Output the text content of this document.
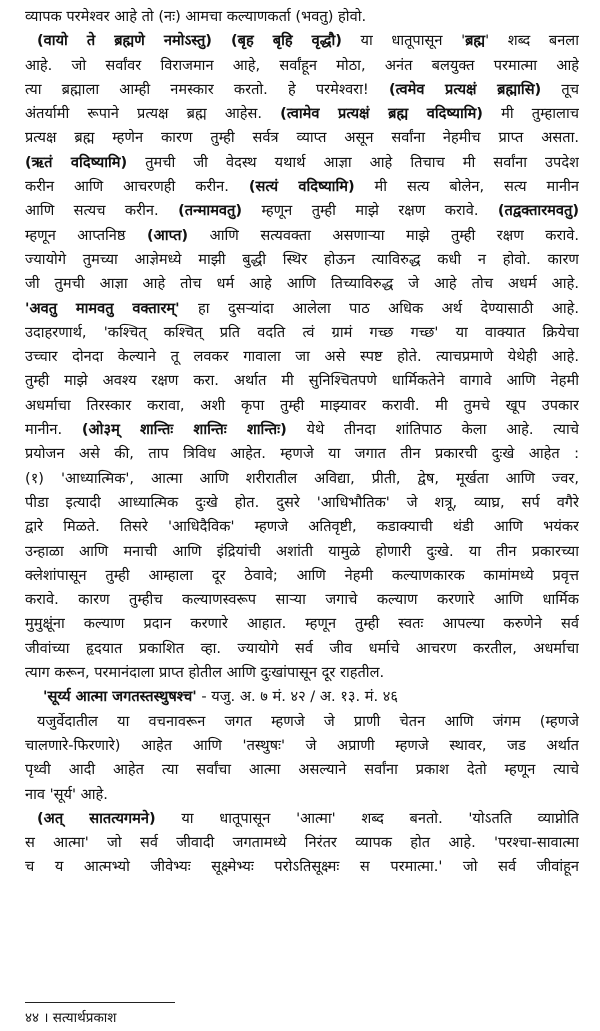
व्यापक परमेश्वर आहे तो (नः) आमचा कल्याणकर्ता (भवतु) होवो.
(वायो ते ब्रह्मणे नमोऽस्तु) (बृह बृहि वृद्धौ) या धातूपासून 'ब्रह्म' शब्द बनला
आहे. जो सर्वांवर विराजमान आहे, सर्वांहून मोठा, अनंत बलयुक्त परमात्मा आहे
त्या ब्रह्माला आम्ही नमस्कार करतो. हे परमेश्वरा! (त्वमेव प्रत्यक्षं ब्रह्मासि) तूच
अंतर्यामी रूपाने प्रत्यक्ष ब्रह्म आहेस. (त्वामेव प्रत्यक्षं ब्रह्म वदिष्यामि) मी तुम्हालाच
प्रत्यक्ष ब्रह्म म्हणेन कारण तुम्ही सर्वत्र व्याप्त असून सर्वांना नेहमीच प्राप्त असता.
(ऋतं वदिष्यामि) तुमची जी वेदस्थ यथार्थ आज्ञा आहे तिचाच मी सर्वांना उपदेश
करीन आणि आचरणही करीन. (सत्यं वदिष्यामि) मी सत्य बोलेन, सत्य मानीन
आणि सत्यच करीन. (तन्मामवतु) म्हणून तुम्ही माझे रक्षण करावे. (तद्वक्तारमवतु)
म्हणून आप्तनिष्ठ (आप्त) आणि सत्यवक्ता असणाऱ्या माझे तुम्ही रक्षण करावे.
ज्यायोगे तुमच्या आज्ञेमध्ये माझी बुद्धी स्थिर होऊन त्याविरुद्ध कधी न होवो. कारण
जी तुमची आज्ञा आहे तोच धर्म आहे आणि तिच्याविरुद्ध जे आहे तोच अधर्म आहे.
'अवतु मामवतु वक्तारम्' हा दुसऱ्यांदा आलेला पाठ अधिक अर्थ देण्यासाठी आहे.
उदाहरणार्थ, 'कश्चित् कश्चित् प्रति वदति त्वं ग्रामं गच्छ गच्छ' या वाक्यात क्रियेचा
उच्चार दोनदा केल्याने तू लवकर गावाला जा असे स्पष्ट होते. त्याचप्रमाणे येथेही आहे.
तुम्ही माझे अवश्य रक्षण करा. अर्थात मी सुनिश्चितपणे धार्मिकतेने वागावे आणि नेहमी
अधर्माचा तिरस्कार करावा, अशी कृपा तुम्ही माझ्यावर करावी. मी तुमचे खूप उपकार
मानीन. (ओ३म् शान्तिः शान्तिः शान्तिः) येथे तीनदा शांतिपाठ केला आहे. त्याचे
प्रयोजन असे की, ताप त्रिविध आहेत. म्हणजे या जगात तीन प्रकारची दुःखे आहेत :
(१) 'आध्यात्मिक', आत्मा आणि शरीरातील अविद्या, प्रीती, द्वेष, मूर्खता आणि ज्वर,
पीडा इत्यादी आध्यात्मिक दुःखे होत. दुसरे 'आधिभौतिक' जे शत्रू, व्याघ्र, सर्प वगैरे
द्वारे मिळते. तिसरे 'आधिदैविक' म्हणजे अतिवृष्टी, कडाक्याची थंडी आणि भयंकर
उन्हाळा आणि मनाची आणि इंद्रियांची अशांती यामुळे होणारी दुःखे. या तीन प्रकारच्या
क्लेशांपासून तुम्ही आम्हाला दूर ठेवावे; आणि नेहमी कल्याणकारक कामांमध्ये प्रवृत्त
करावे. कारण तुम्हीच कल्याणस्वरूप साऱ्या जगाचे कल्याण करणारे आणि धार्मिक
मुमुक्षूंना कल्याण प्रदान करणारे आहात. म्हणून तुम्ही स्वतः आपल्या करुणेने सर्व
जीवांच्या हृदयात प्रकाशित व्हा. ज्यायोगे सर्व जीव धर्माचे आचरण करतील, अधर्माचा
त्याग करून, परमानंदाला प्राप्त होतील आणि दुःखांपासून दूर राहतील.
'सूर्य्य आत्मा जगतस्तस्थुषश्च' - यजु. अ. ७ मं. ४२ / अ. १३. मं. ४६
यजुर्वेदातील या वचनावरून जगत म्हणजे जे प्राणी चेतन आणि जंगम (म्हणजे
चालणारे-फिरणारे) आहेत आणि 'तस्थुषः' जे अप्राणी म्हणजे स्थावर, जड अर्थात
पृथ्वी आदी आहेत त्या सर्वांचा आत्मा असल्याने सर्वांना प्रकाश देतो म्हणून त्याचे
नाव 'सूर्य' आहे.
(अत् सातत्यगमने) या धातूपासून 'आत्मा' शब्द बनतो. 'योऽतति व्याप्नोति
स आत्मा' जो सर्व जीवादी जगतामध्ये निरंतर व्यापक होत आहे. 'परश्चा-सावात्मा
च य आत्मभ्यो जीवेभ्यः सूक्ष्मेभ्यः परोऽतिसूक्ष्मः स परमात्मा.' जो सर्व जीवांहून
४४ । सत्यार्थप्रकाश
